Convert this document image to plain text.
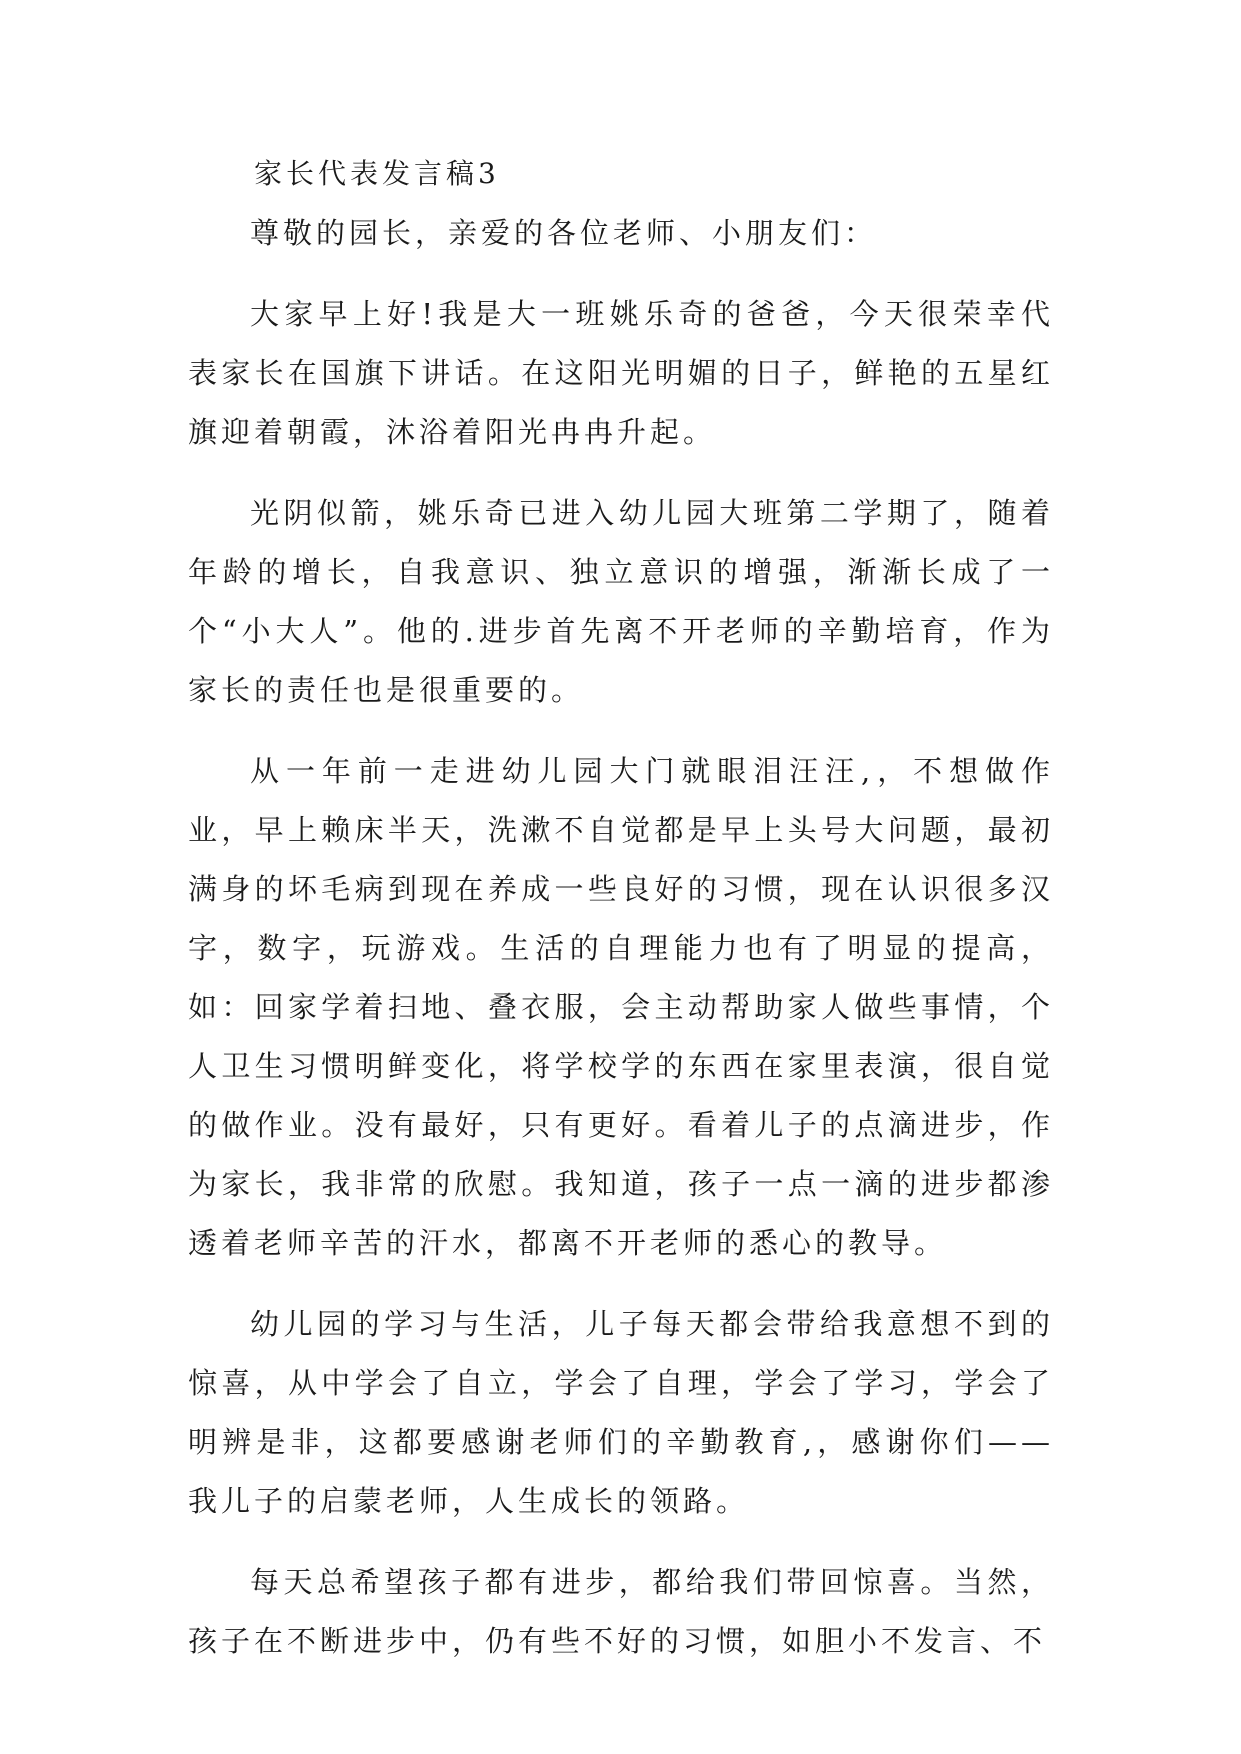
家长代表发言稿3

尊敬的园长，亲爱的各位老师、小朋友们：

大家早上好!我是大一班姚乐奇的爸爸，今天很荣幸代表家长在国旗下讲话。在这阳光明媚的日子，鲜艳的五星红旗迎着朝霞，沐浴着阳光冉冉升起。

光阴似箭，姚乐奇已进入幼儿园大班第二学期了，随着年龄的增长，自我意识、独立意识的增强，渐渐长成了一个“小大人”。他的.进步首先离不开老师的辛勤培育，作为家长的责任也是很重要的。

从一年前一走进幼儿园大门就眼泪汪汪,，不想做作业，早上赖床半天，洗漱不自觉都是早上头号大问题，最初满身的坏毛病到现在养成一些良好的习惯，现在认识很多汉字，数字，玩游戏。生活的自理能力也有了明显的提高，如：回家学着扫地、叠衣服，会主动帮助家人做些事情，个人卫生习惯明鲜变化，将学校学的东西在家里表演，很自觉的做作业。没有最好，只有更好。看着儿子的点滴进步，作为家长，我非常的欣慰。我知道，孩子一点一滴的进步都渗透着老师辛苦的汗水，都离不开老师的悉心的教导。

幼儿园的学习与生活，儿子每天都会带给我意想不到的惊喜，从中学会了自立，学会了自理，学会了学习，学会了明辨是非，这都要感谢老师们的辛勤教育,，感谢你们——我儿子的启蒙老师，人生成长的领路。

每天总希望孩子都有进步，都给我们带回惊喜。当然，孩子在不断进步中，仍有些不好的习惯，如胆小不发言、不
